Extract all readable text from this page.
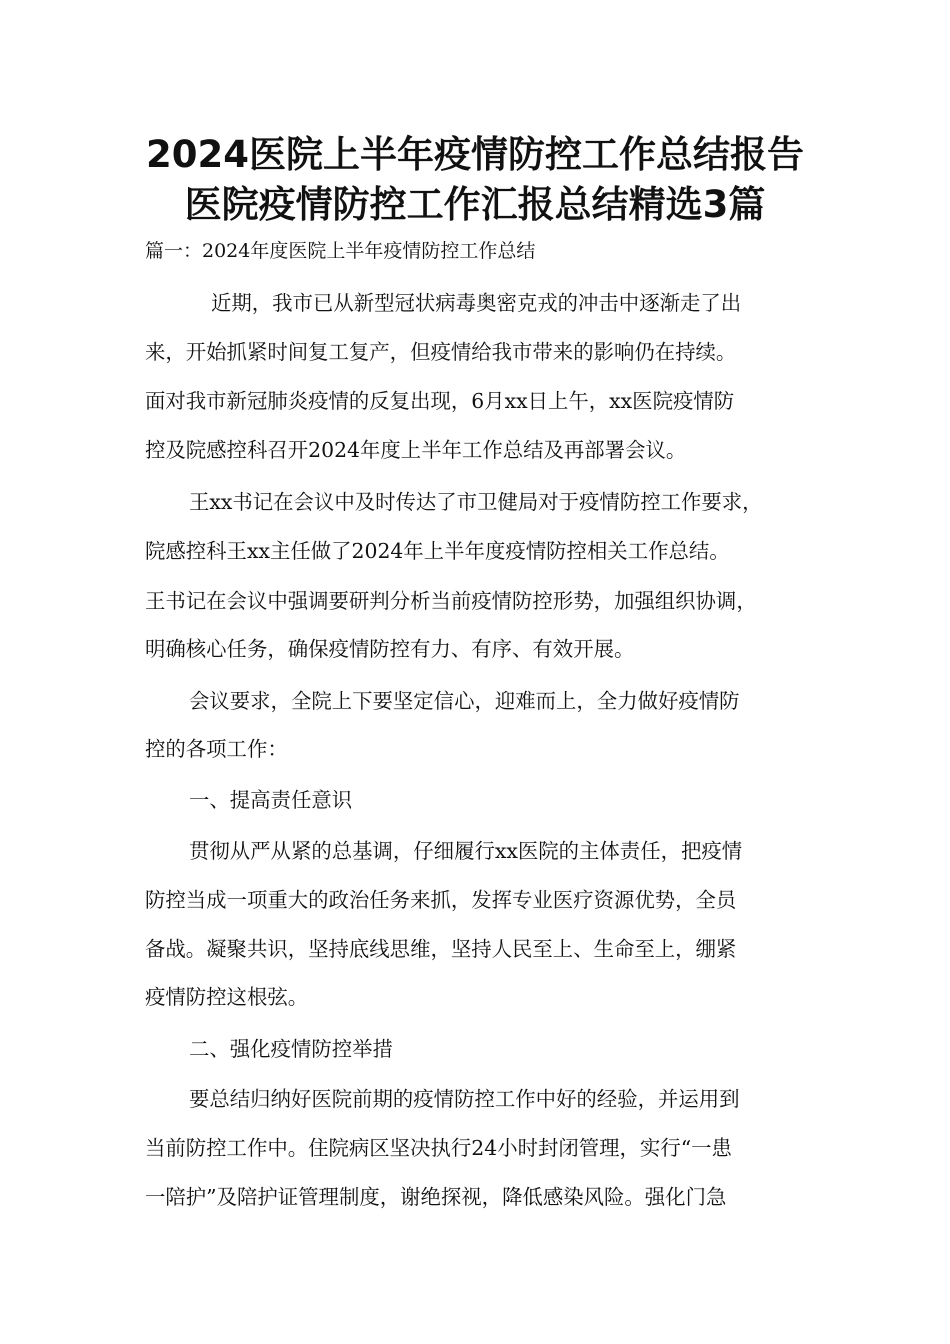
2024医院上半年疫情防控工作总结报告
医院疫情防控工作汇报总结精选3篇
篇一：2024年度医院上半年疫情防控工作总结
近期，我市已从新型冠状病毒奥密克戎的冲击中逐渐走了出
来，开始抓紧时间复工复产，但疫情给我市带来的影响仍在持续。
面对我市新冠肺炎疫情的反复出现，6月xx日上午，xx医院疫情防
控及院感控科召开2024年度上半年工作总结及再部署会议。
王xx书记在会议中及时传达了市卫健局对于疫情防控工作要求，
院感控科王xx主任做了2024年上半年度疫情防控相关工作总结。
王书记在会议中强调要研判分析当前疫情防控形势，加强组织协调，
明确核心任务，确保疫情防控有力、有序、有效开展。
会议要求，全院上下要坚定信心，迎难而上，全力做好疫情防
控的各项工作：
一、提高责任意识
贯彻从严从紧的总基调，仔细履行xx医院的主体责任，把疫情
防控当成一项重大的政治任务来抓，发挥专业医疗资源优势，全员
备战。凝聚共识，坚持底线思维，坚持人民至上、生命至上，绷紧
疫情防控这根弦。
二、强化疫情防控举措
要总结归纳好医院前期的疫情防控工作中好的经验，并运用到
当前防控工作中。住院病区坚决执行24小时封闭管理，实行“一患
一陪护”及陪护证管理制度，谢绝探视，降低感染风险。强化门急
